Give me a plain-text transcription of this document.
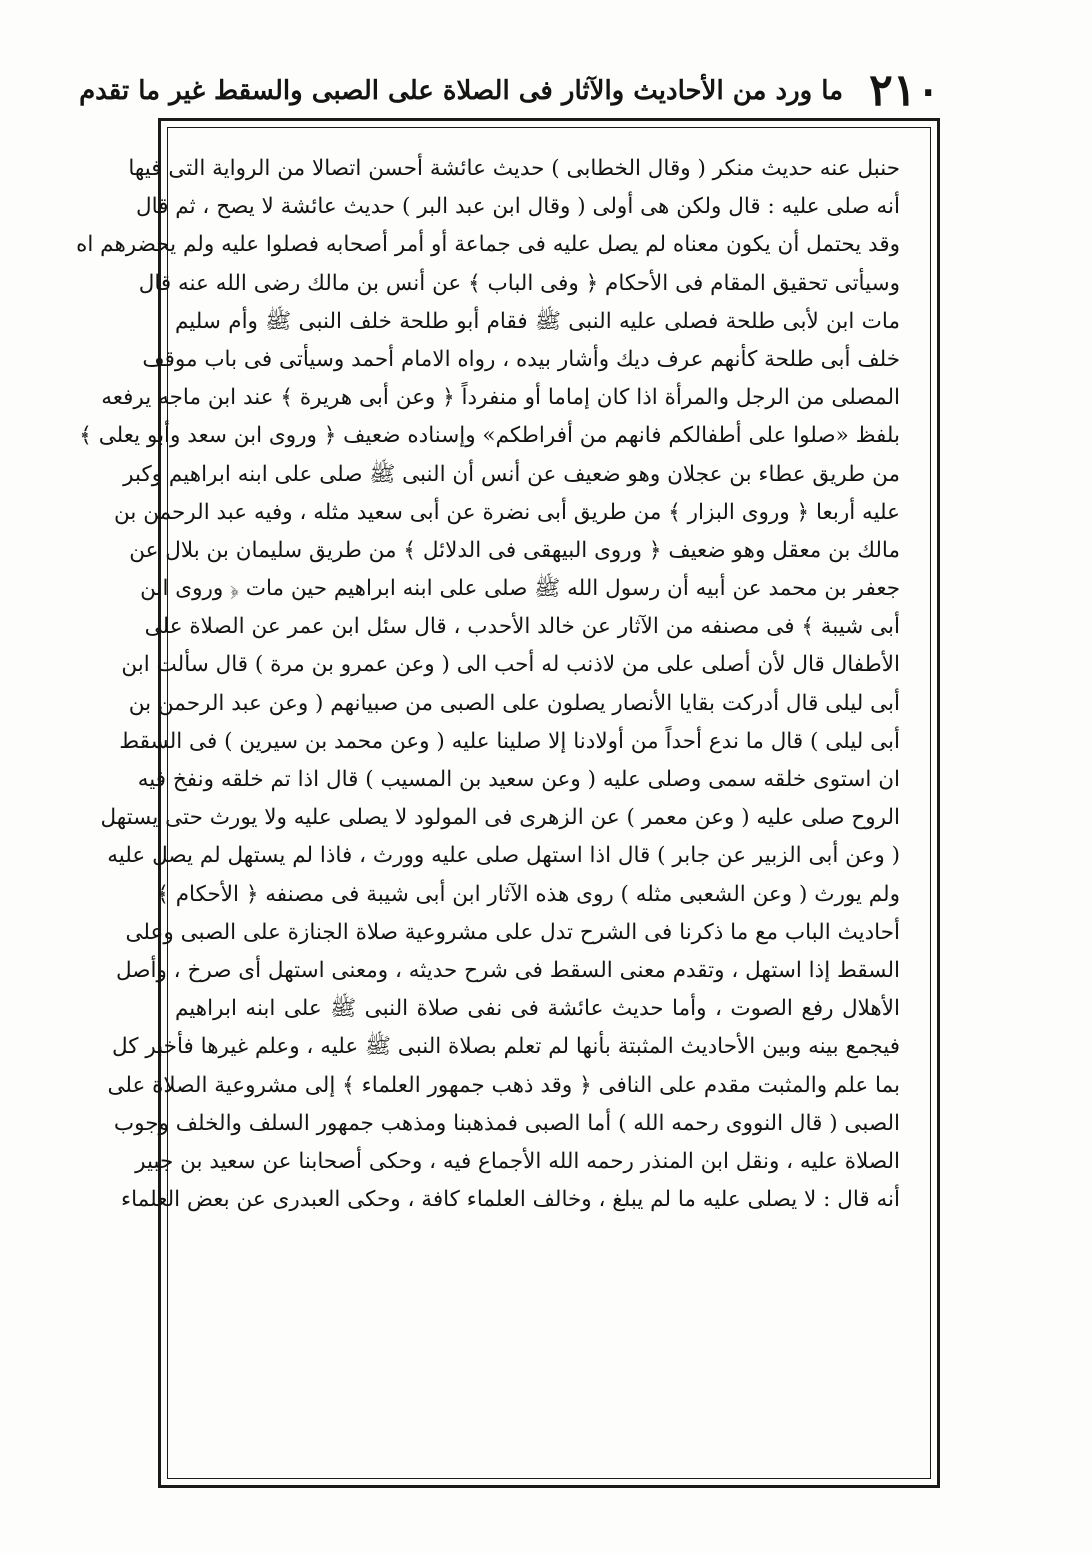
٢١٠
ما ورد من الأحاديث والآثار فى الصلاة على الصبى والسقط غير ما تقدم
حنبل عنه حديث منكر ( وقال الخطابى ) حديث عائشة أحسن اتصالا من الرواية التى فيها
أنه صلى عليه : قال ولكن هى أولى ( وقال ابن عبد البر ) حديث عائشة لا يصح ، ثم قال
وقد يحتمل أن يكون معناه لم يصل عليه فى جماعة أو أمر أصحابه فصلوا عليه ولم يحضرهم اه
وسيأتى تحقيق المقام فى الأحكام ﴿ وفى الباب ﴾ عن أنس بن مالك رضى الله عنه قال
مات ابن لأبى طلحة فصلى عليه النبى ﷺ فقام أبو طلحة خلف النبى ﷺ وأم سليم
خلف أبى طلحة كأنهم عرف ديك وأشار بيده ، رواه الامام أحمد وسيأتى فى باب موقف
المصلى من الرجل والمرأة اذا كان إماما أو منفرداً ﴿ وعن أبى هريرة ﴾ عند ابن ماجه يرفعه
بلفظ «صلوا على أطفالكم فانهم من أفراطكم» وإسناده ضعيف ﴿ وروى ابن سعد وأبو يعلى ﴾
من طريق عطاء بن عجلان وهو ضعيف عن أنس أن النبى ﷺ صلى على ابنه ابراهيم وكبر
عليه أربعا ﴿ وروى البزار ﴾ من طريق أبى نضرة عن أبى سعيد مثله ، وفيه عبد الرحمن بن
مالك بن معقل وهو ضعيف ﴿ وروى البيهقى فى الدلائل ﴾ من طريق سليمان بن بلال عن
جعفر بن محمد عن أبيه أن رسول الله ﷺ صلى على ابنه ابراهيم حين مات ﴿ وروى ابن
أبى شيبة ﴾ فى مصنفه من الآثار عن خالد الأحدب ، قال سئل ابن عمر عن الصلاة على
الأطفال قال لأن أصلى على من لاذنب له أحب الى ( وعن عمرو بن مرة ) قال سألت ابن
أبى ليلى قال أدركت بقايا الأنصار يصلون على الصبى من صبيانهم ( وعن عبد الرحمن بن
أبى ليلى ) قال ما ندع أحداً من أولادنا إلا صلينا عليه ( وعن محمد بن سيرين ) فى السقط
ان استوى خلقه سمى وصلى عليه ( وعن سعيد بن المسيب ) قال اذا تم خلقه ونفخ فيه
الروح صلى عليه ( وعن معمر ) عن الزهرى فى المولود لا يصلى عليه ولا يورث حتى يستهل
( وعن أبى الزبير عن جابر ) قال اذا استهل صلى عليه وورث ، فاذا لم يستهل لم يصل عليه
ولم يورث ( وعن الشعبى مثله ) روى هذه الآثار ابن أبى شيبة فى مصنفه ﴿ الأحكام ﴾
أحاديث الباب مع ما ذكرنا فى الشرح تدل على مشروعية صلاة الجنازة على الصبى وعلى
السقط إذا استهل ، وتقدم معنى السقط فى شرح حديثه ، ومعنى استهل أى صرخ ، وأصل
الأهلال رفع الصوت ، وأما حديث عائشة فى نفى صلاة النبى ﷺ على ابنه ابراهيم
فيجمع بينه وبين الأحاديث المثبتة بأنها لم تعلم بصلاة النبى ﷺ عليه ، وعلم غيرها فأخبر كل
بما علم والمثبت مقدم على النافى ﴿ وقد ذهب جمهور العلماء ﴾ إلى مشروعية الصلاة على
الصبى ( قال النووى رحمه الله ) أما الصبى فمذهبنا ومذهب جمهور السلف والخلف وجوب
الصلاة عليه ، ونقل ابن المنذر رحمه الله الأجماع فيه ، وحكى أصحابنا عن سعيد بن جبير
أنه قال : لا يصلى عليه ما لم يبلغ ، وخالف العلماء كافة ، وحكى العبدرى عن بعض العلماء
